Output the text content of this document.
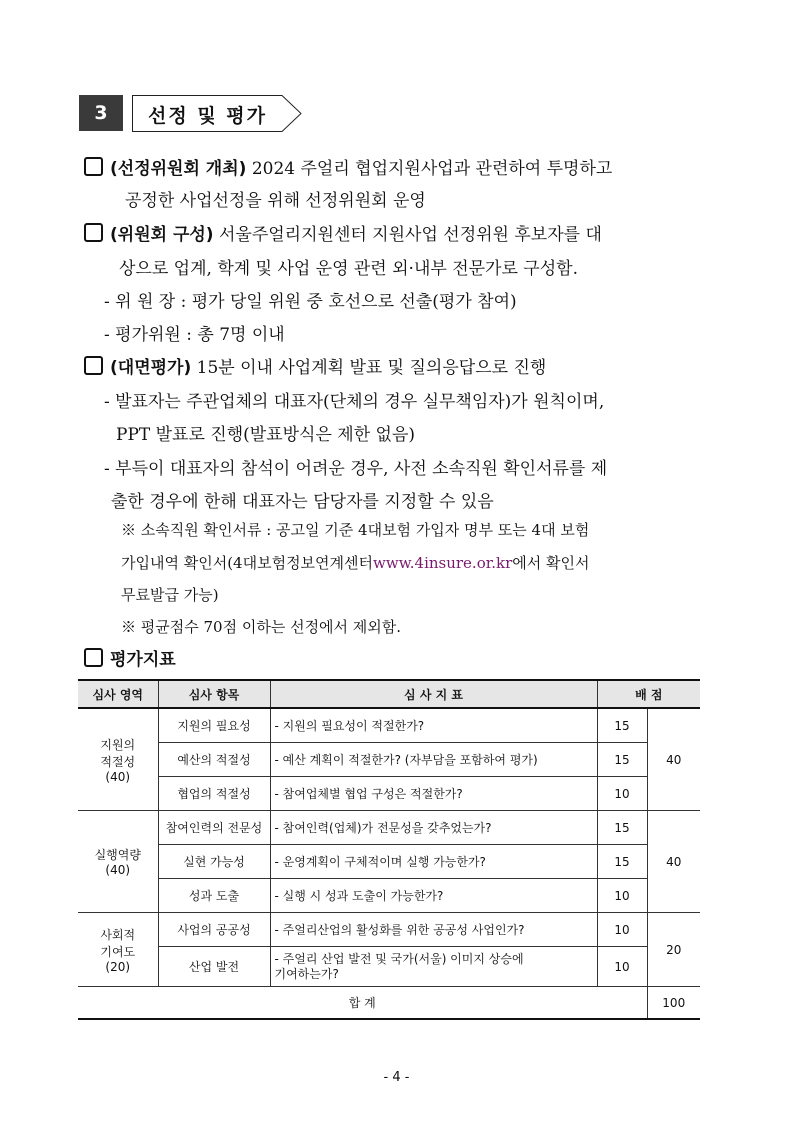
3	선정 및 평가
(선정위원회 개최) 2024 주얼리 협업지원사업과 관련하여 투명하고
공정한 사업선정을 위해 선정위원회 운영
(위원회 구성) 서울주얼리지원센터 지원사업 선정위원 후보자를 대
상으로 업계, 학계 및 사업 운영 관련 외·내부 전문가로 구성함.
- 위 원 장 : 평가 당일 위원 중 호선으로 선출(평가 참여)
- 평가위원 : 총 7명 이내
(대면평가) 15분 이내 사업계획 발표 및 질의응답으로 진행
- 발표자는 주관업체의 대표자(단체의 경우 실무책임자)가 원칙이며,
PPT 발표로 진행(발표방식은 제한 없음)
- 부득이 대표자의 참석이 어려운 경우, 사전 소속직원 확인서류를 제
출한 경우에 한해 대표자는 담당자를 지정할 수 있음
※ 소속직원 확인서류 : 공고일 기준 4대보험 가입자 명부 또는 4대 보험
가입내역 확인서(4대보험정보연계센터www.4insure.or.kr에서 확인서
무료발급 가능)
※ 평균점수 70점 이하는 선정에서 제외함.
평가지표
심사 영역	심사 항목	심 사 지 표	배 점	
지원의
적절성
(40)	지원의 필요성	- 지원의 필요성이 적절한가?	15	40
	예산의 적절성	- 예산 계획이 적절한가? (자부담을 포함하여 평가)	15	
	협업의 적절성	- 참여업체별 협업 구성은 적절한가?	10	
실행역량
(40)	참여인력의 전문성	- 참여인력(업체)가 전문성을 갖추었는가?	15	40
	실현 가능성	- 운영계획이 구체적이며 실행 가능한가?	15	
	성과 도출	- 실행 시 성과 도출이 가능한가?	10	
사회적
기여도
(20)	사업의 공공성	- 주얼리산업의 활성화를 위한 공공성 사업인가?	10	20
	산업 발전	- 주얼리 산업 발전 및 국가(서울) 이미지 상승에
기여하는가?	10	
합 계				100
- 4 -
